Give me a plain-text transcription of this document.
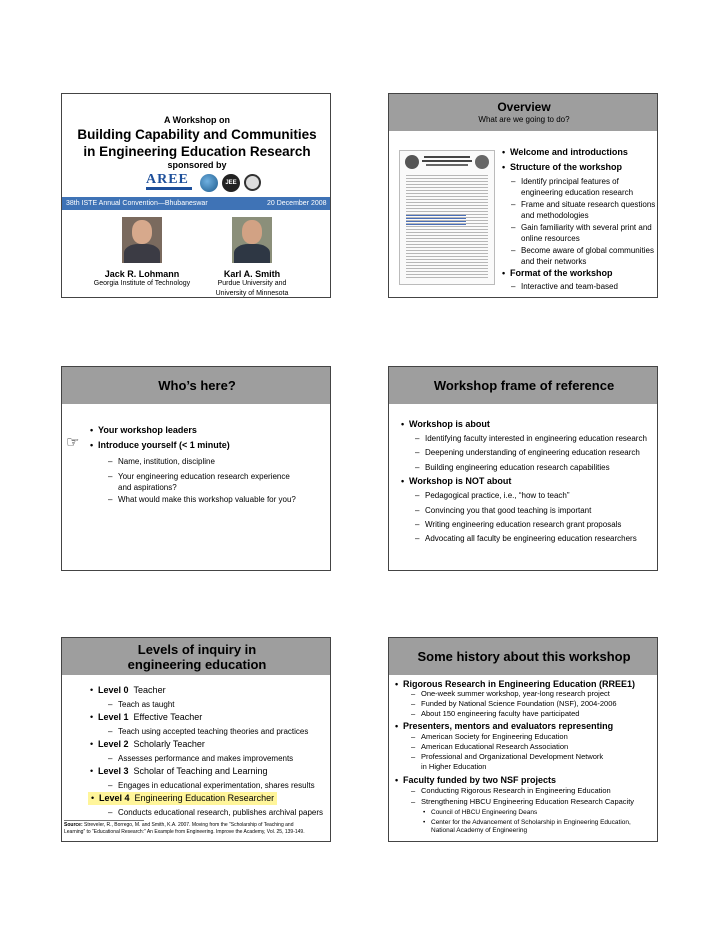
A Workshop on
Building Capability and Communities
in Engineering Education Research
sponsored by
AREE	JEE
38th ISTE Annual Convention—Bhubaneswar	20 December 2008
Jack R. Lohmann
Georgia Institute of Technology
Karl A. Smith
Purdue University and
University of Minnesota
Overview
What are we going to do?
• Welcome and introductions
• Structure of the workshop
– Identify principal features of
engineering education research
– Frame and situate research questions
and methodologies
– Gain familiarity with several print and
online resources
– Become aware of global communities
and their networks
• Format of the workshop
– Interactive and team-based
Who’s here?
• Your workshop leaders
☞ • Introduce yourself (< 1 minute)
– Name, institution, discipline
– Your engineering education research experience
and aspirations?
– What would make this workshop valuable for you?
Workshop frame of reference
• Workshop is about
– Identifying faculty interested in engineering education research
– Deepening understanding of engineering education research
– Building engineering education research capabilities
• Workshop is NOT about
– Pedagogical practice, i.e., “how to teach”
– Convincing you that good teaching is important
– Writing engineering education research grant proposals
– Advocating all faculty be engineering education researchers
Levels of inquiry in
engineering education
• Level 0 Teacher
– Teach as taught
• Level 1 Effective Teacher
– Teach using accepted teaching theories and practices
• Level 2 Scholarly Teacher
– Assesses performance and makes improvements
• Level 3 Scholar of Teaching and Learning
– Engages in educational experimentation, shares results
• Level 4 Engineering Education Researcher
– Conducts educational research, publishes archival papers
Source: Streveler, R., Borrego, M. and Smith, K.A. 2007. Moving from the “Scholarship of Teaching and
Learning” to “Educational Research:” An Example from Engineering. Improve the Academy, Vol. 25, 139-149.
Some history about this workshop
• Rigorous Research in Engineering Education (RREE1)
– One-week summer workshop, year-long research project
– Funded by National Science Foundation (NSF), 2004-2006
– About 150 engineering faculty have participated
• Presenters, mentors and evaluators representing
– American Society for Engineering Education
– American Educational Research Association
– Professional and Organizational Development Network
in Higher Education
• Faculty funded by two NSF projects
– Conducting Rigorous Research in Engineering Education
– Strengthening HBCU Engineering Education Research Capacity
• Council of HBCU Engineering Deans
• Center for the Advancement of Scholarship in Engineering Education,
National Academy of Engineering
